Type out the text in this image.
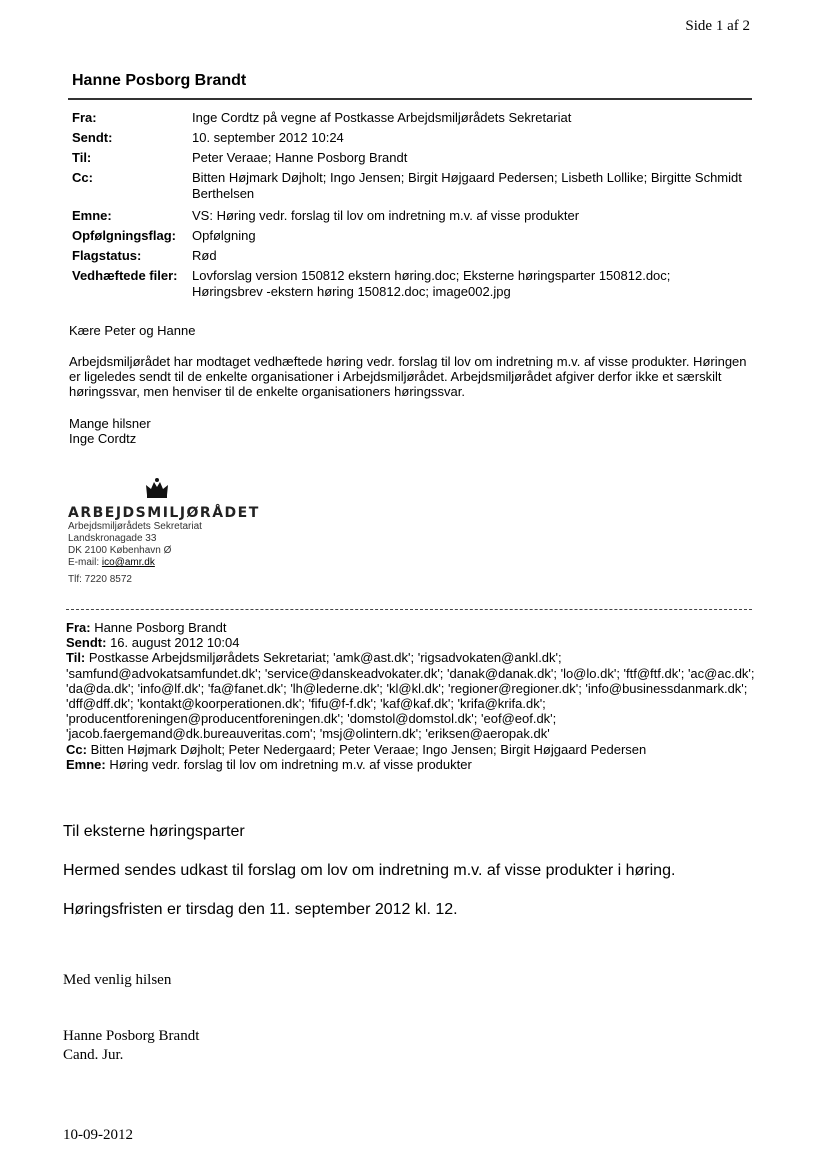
Side 1 af 2
Hanne Posborg Brandt
Fra:	Inge Cordtz på vegne af Postkasse Arbejdsmiljørådets Sekretariat
Sendt:	10. september 2012 10:24
Til:	Peter Veraae; Hanne Posborg Brandt
Cc:	Bitten Højmark Døjholt; Ingo Jensen; Birgit Højgaard Pedersen; Lisbeth Lollike; Birgitte Schmidt Berthelsen
Emne:	VS: Høring vedr. forslag til lov om indretning m.v. af visse produkter
Opfølgningsflag:	Opfølgning
Flagstatus:	Rød
Vedhæftede filer:	Lovforslag version 150812 ekstern høring.doc; Eksterne høringsparter 150812.doc; Høringsbrev -ekstern høring 150812.doc; image002.jpg
Kære Peter og Hanne
Arbejdsmiljørådet har modtaget vedhæftede høring vedr. forslag til lov om indretning m.v. af visse produkter. Høringen er ligeledes sendt til de enkelte organisationer i Arbejdsmiljørådet. Arbejdsmiljørådet afgiver derfor ikke et særskilt høringssvar, men henviser til de enkelte organisationers høringssvar.
Mange hilsner
Inge Cordtz
ARBEJDSMILJØRÅDET
Arbejdsmiljørådets Sekretariat
Landskronagade 33
DK 2100 København Ø
E-mail: ico@amr.dk
Tlf: 7220 8572
Fra: Hanne Posborg Brandt
Sendt: 16. august 2012 10:04
Til: Postkasse Arbejdsmiljørådets Sekretariat; 'amk@ast.dk'; 'rigsadvokaten@ankl.dk'; 'samfund@advokatsamfundet.dk'; 'service@danskeadvokater.dk'; 'danak@danak.dk'; 'lo@lo.dk'; 'ftf@ftf.dk'; 'ac@ac.dk'; 'da@da.dk'; 'info@lf.dk'; 'fa@fanet.dk'; 'lh@lederne.dk'; 'kl@kl.dk'; 'regioner@regioner.dk'; 'info@businessdanmark.dk'; 'dff@dff.dk'; 'kontakt@koorperationen.dk'; 'fifu@f-f.dk'; 'kaf@kaf.dk'; 'krifa@krifa.dk'; 'producentforeningen@producentforeningen.dk'; 'domstol@domstol.dk'; 'eof@eof.dk'; 'jacob.faergemand@dk.bureauveritas.com'; 'msj@olintern.dk'; 'eriksen@aeropak.dk'
Cc: Bitten Højmark Døjholt; Peter Nedergaard; Peter Veraae; Ingo Jensen; Birgit Højgaard Pedersen
Emne: Høring vedr. forslag til lov om indretning m.v. af visse produkter
Til eksterne høringsparter
Hermed sendes udkast til forslag om lov om indretning m.v. af visse produkter i høring.
Høringsfristen er tirsdag den 11. september 2012 kl. 12.
Med venlig hilsen
Hanne Posborg Brandt
Cand. Jur.
10-09-2012
